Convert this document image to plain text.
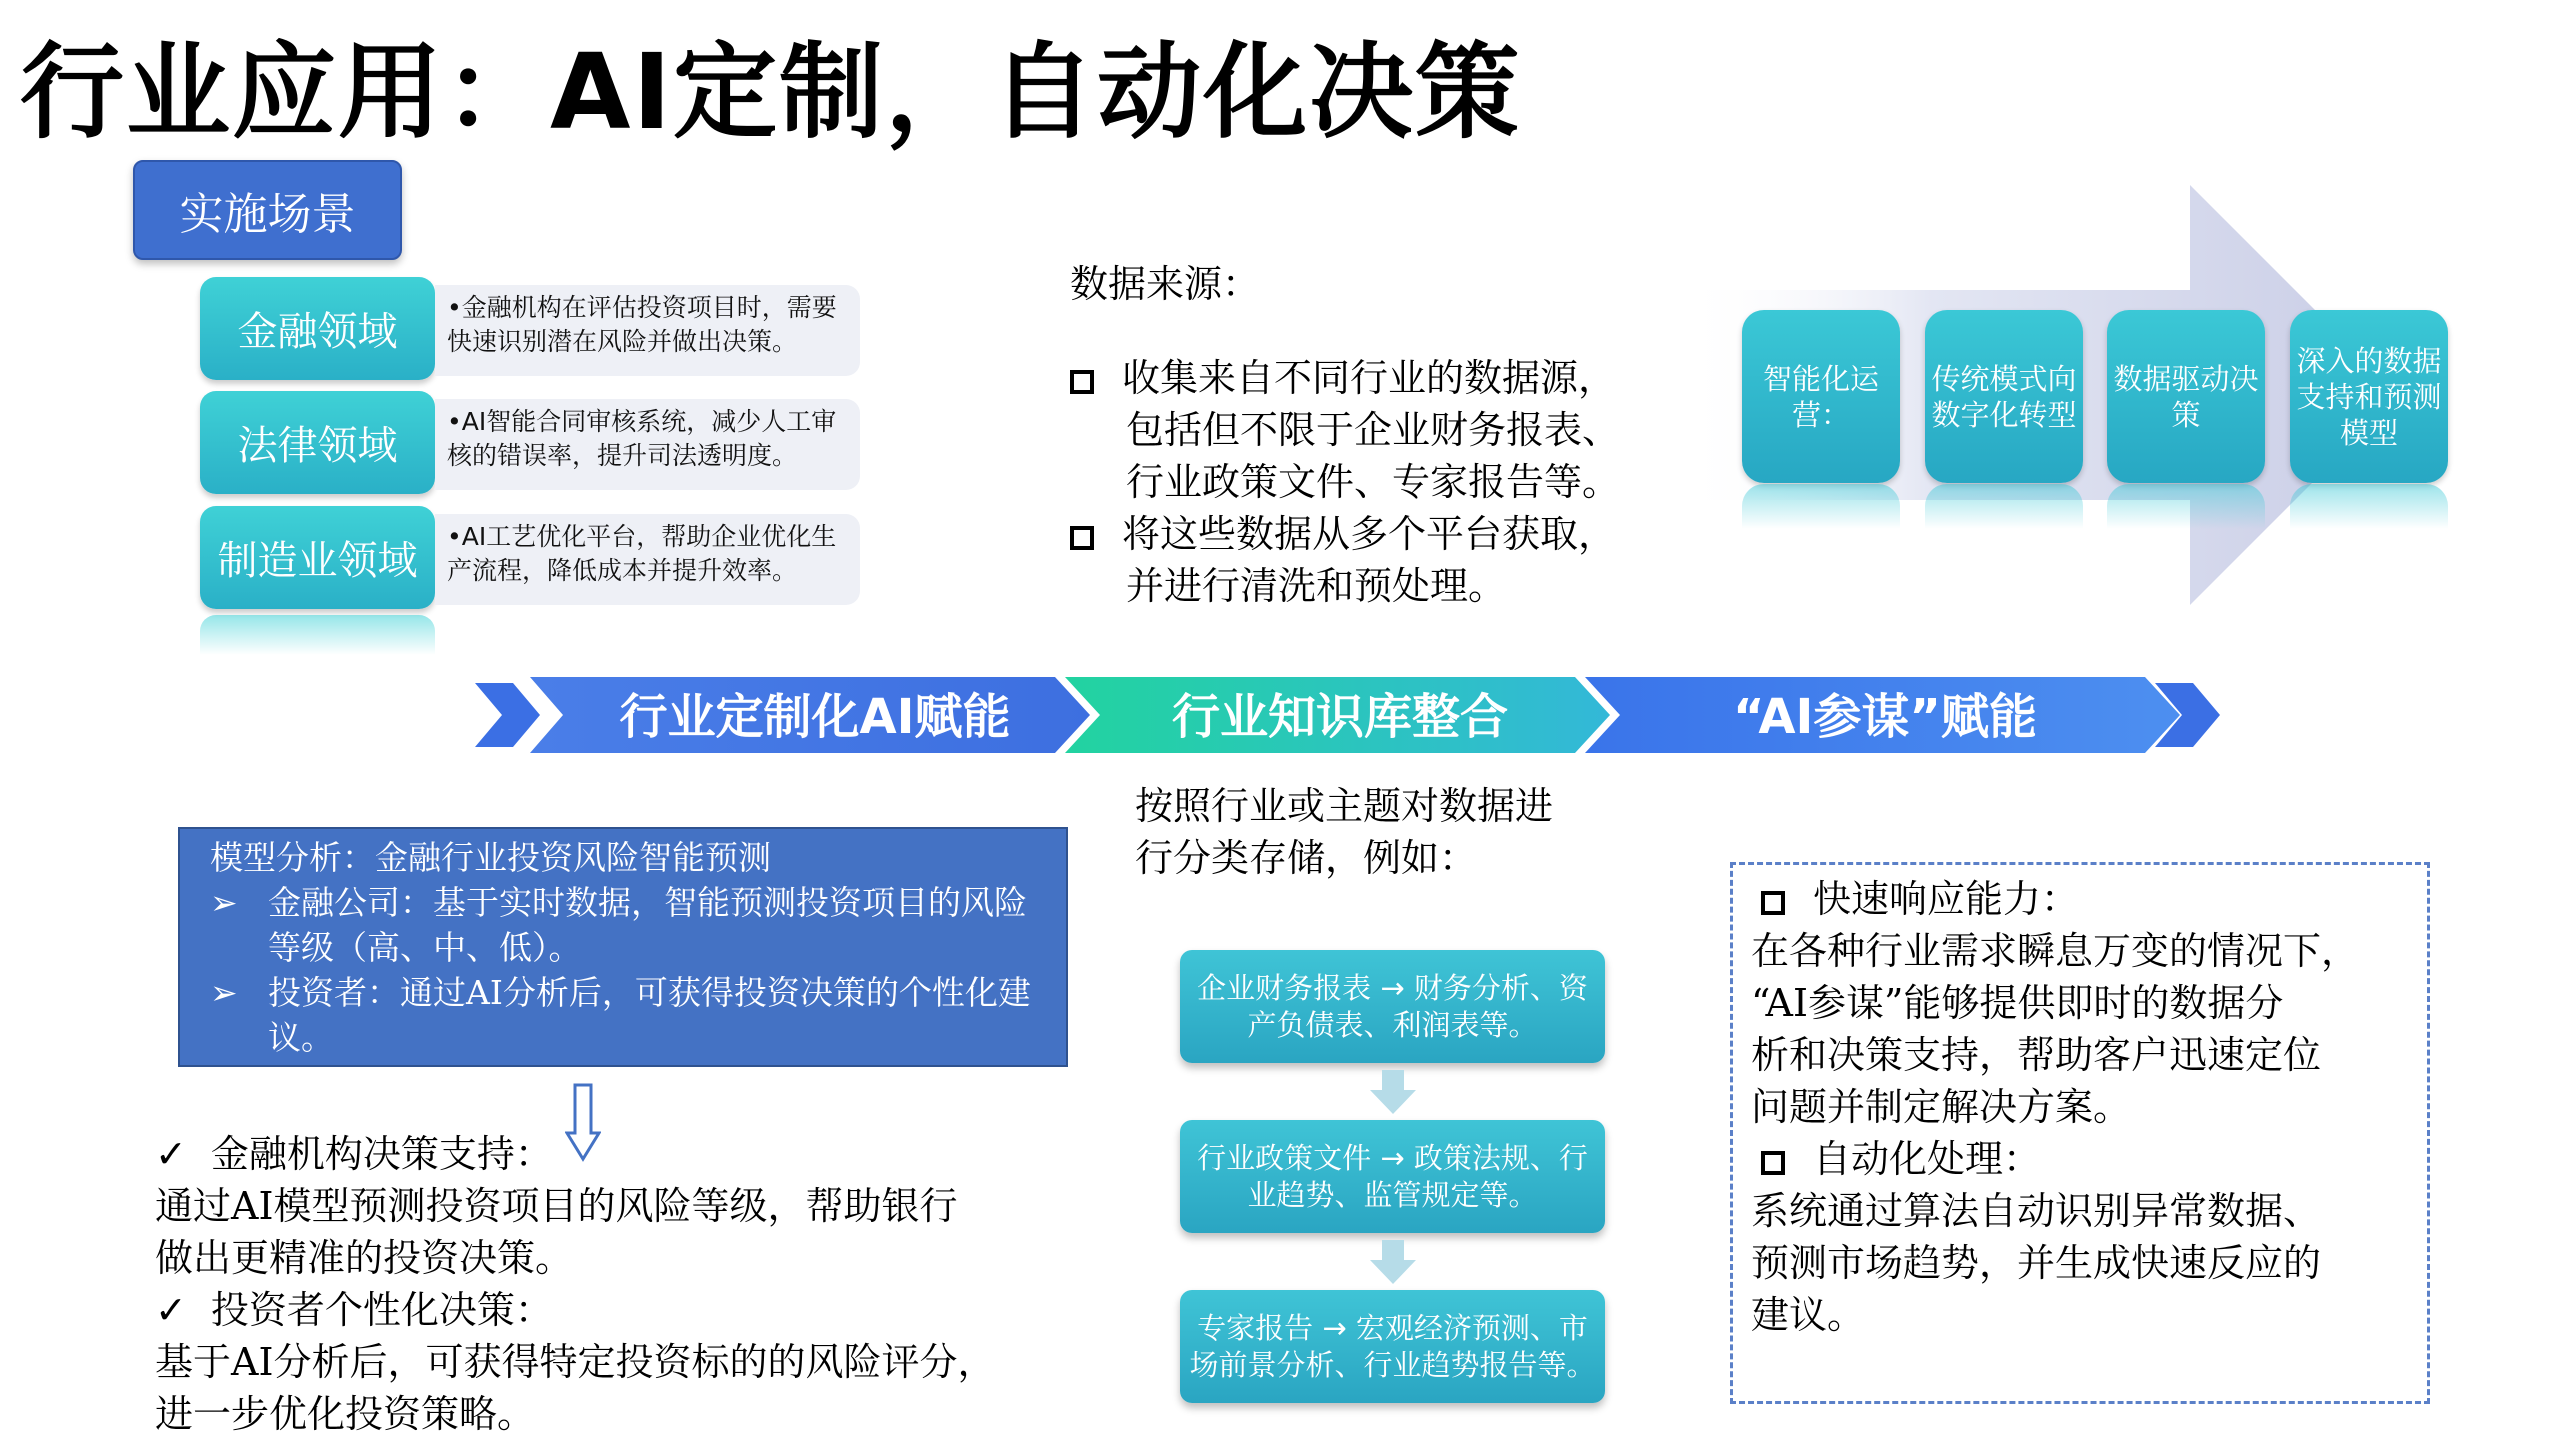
行业应用：AI定制，自动化决策
实施场景
金融领域
•金融机构在评估投资项目时，需要快速识别潜在风险并做出决策。
法律领域
•AI智能合同审核系统，减少人工审核的错误率，提升司法透明度。
制造业领域
•AI工艺优化平台，帮助企业优化生产流程，降低成本并提升效率。
数据来源：
收集来自不同行业的数据源，
包括但不限于企业财务报表、
行业政策文件、专家报告等。
将这些数据从多个平台获取，
并进行清洗和预处理。
智能化运营：
传统模式向数字化转型
数据驱动决策
深入的数据支持和预测模型
行业定制化AI赋能	行业知识库整合	“AI参谋”赋能
模型分析：金融行业投资风险智能预测
➢ 金融公司：基于实时数据，智能预测投资项目的风险等级（高、中、低）。
➢ 投资者：通过AI分析后，可获得投资决策的个性化建议。
✓ 金融机构决策支持：
通过AI模型预测投资项目的风险等级，帮助银行
做出更精准的投资决策。
✓ 投资者个性化决策：
基于AI分析后，可获得特定投资标的的风险评分，
进一步优化投资策略。
按照行业或主题对数据进
行分类存储，例如：
企业财务报表 → 财务分析、资产负债表、利润表等。
行业政策文件 → 政策法规、行业趋势、监管规定等。
专家报告 → 宏观经济预测、市场前景分析、行业趋势报告等。
快速响应能力：
在各种行业需求瞬息万变的情况下，
“AI参谋”能够提供即时的数据分
析和决策支持，帮助客户迅速定位
问题并制定解决方案。
自动化处理：
系统通过算法自动识别异常数据、
预测市场趋势，并生成快速反应的
建议。
